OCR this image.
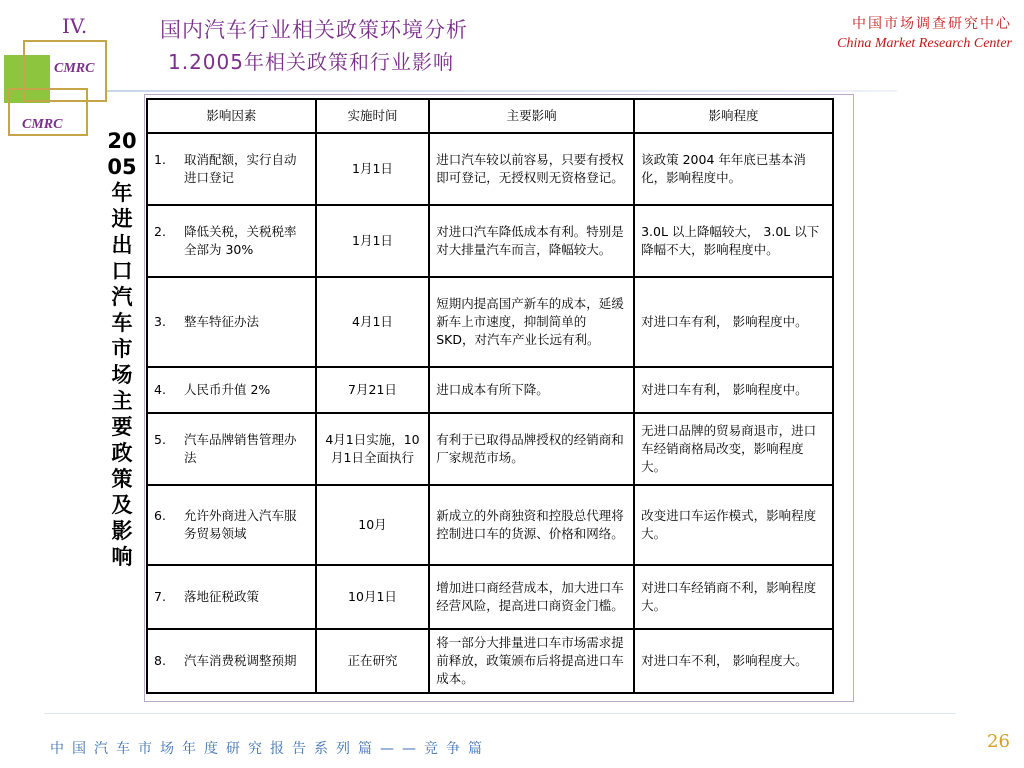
CMRC
CMRC
IV.	国内汽车行业相关政策环境分析
1.2005年相关政策和行业影响
中国市场调查研究中心
China Market Research Center
2005年进出口汽车市场主要政策及影响
影响因素	实施时间	主要影响	影响程度

1. 取消配额，实行自动进口登记	1月1日	进口汽车较以前容易，只要有授权即可登记，无授权则无资格登记。	该政策 2004 年年底已基本消化，影响程度中。

2. 降低关税，关税税率全部为 30%	1月1日	对进口汽车降低成本有利。特别是对大排量汽车而言，降幅较大。	3.0L 以上降幅较大， 3.0L 以下降幅不大，影响程度中。

3. 整车特征办法	4月1日	短期内提高国产新车的成本，延缓新车上市速度，抑制简单的 SKD，对汽车产业长远有利。	对进口车有利， 影响程度中。

4. 人民币升值 2%	7月21日	进口成本有所下降。	对进口车有利， 影响程度中。

5. 汽车品牌销售管理办法	4月1日实施，10月1日全面执行	有利于已取得品牌授权的经销商和厂家规范市场。	无进口品牌的贸易商退市，进口车经销商格局改变，影响程度大。

6. 允许外商进入汽车服务贸易领域	10月	新成立的外商独资和控股总代理将控制进口车的货源、价格和网络。	改变进口车运作模式，影响程度大。

7. 落地征税政策	10月1日	增加进口商经营成本，加大进口车经营风险，提高进口商资金门槛。	对进口车经销商不利，影响程度大。

8. 汽车消费税调整预期	正在研究	将一部分大排量进口车市场需求提前释放，政策颁布后将提高进口车成本。	对进口车不利， 影响程度大。
中国汽车市场年度研究报告系列篇——竞争篇	26
